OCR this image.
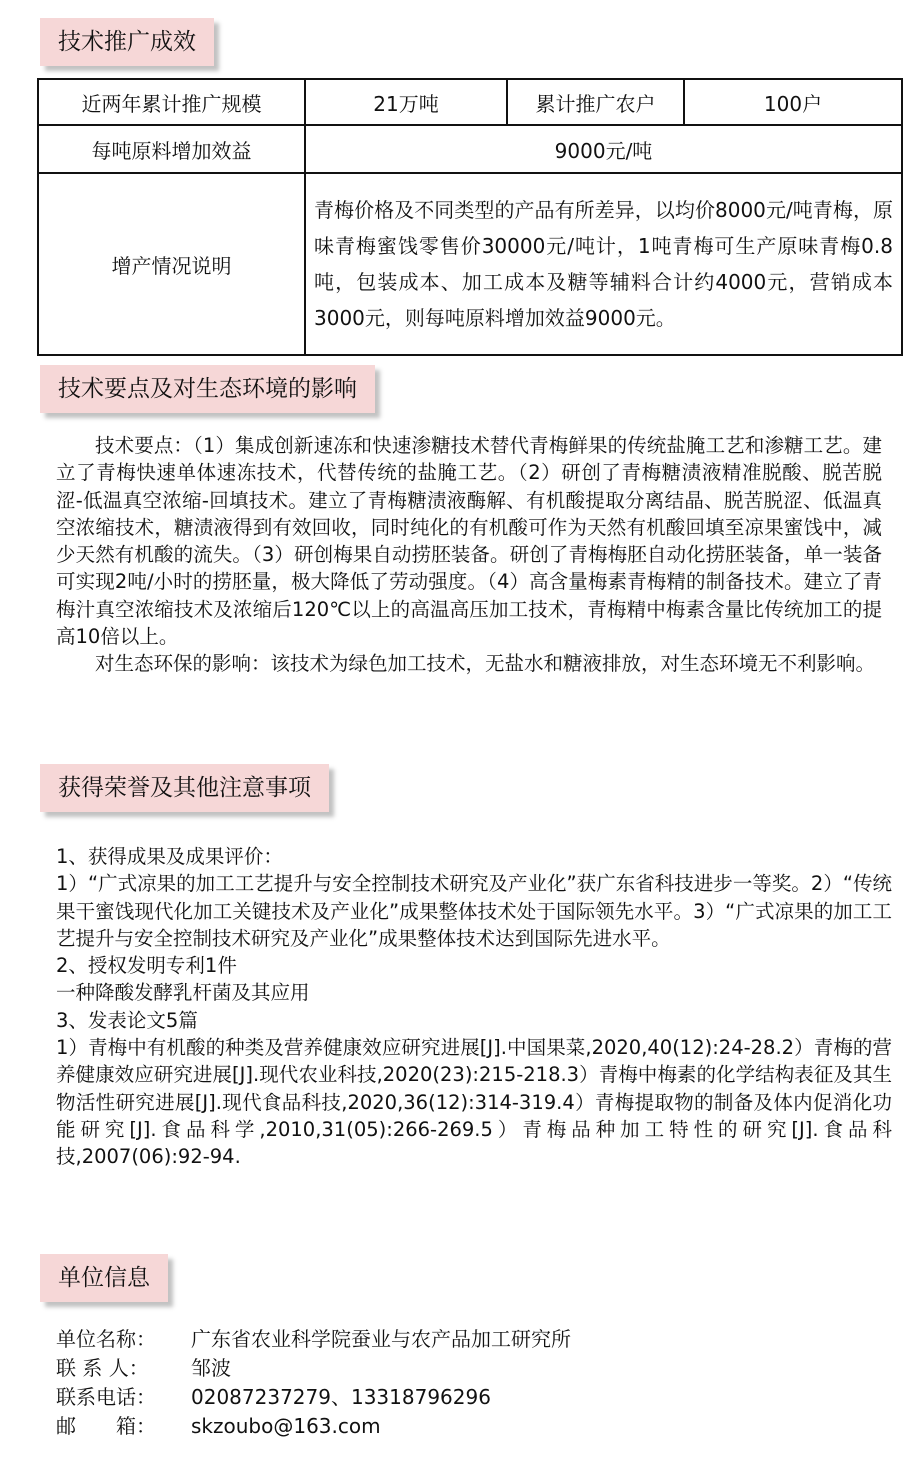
技术推广成效
近两年累计推广规模	21万吨	累计推广农户	100户
每吨原料增加效益	9000元/吨		
增产情况说明	青梅价格及不同类型的产品有所差异，以均价8000元/吨青梅，原味青梅蜜饯零售价30000元/吨计，1吨青梅可生产原味青梅0.8吨，包装成本、加工成本及糖等辅料合计约4000元，营销成本3000元，则每吨原料增加效益9000元。		
技术要点及对生态环境的影响

技术要点：（1）集成创新速冻和快速渗糖技术替代青梅鲜果的传统盐腌工艺和渗糖工艺。建立了青梅快速单体速冻技术，代替传统的盐腌工艺。（2）研创了青梅糖渍液精准脱酸、脱苦脱涩-低温真空浓缩-回填技术。建立了青梅糖渍液酶解、有机酸提取分离结晶、脱苦脱涩、低温真空浓缩技术，糖渍液得到有效回收，同时纯化的有机酸可作为天然有机酸回填至凉果蜜饯中，减少天然有机酸的流失。（3）研创梅果自动捞胚装备。研创了青梅梅胚自动化捞胚装备，单一装备可实现2吨/小时的捞胚量，极大降低了劳动强度。（4）高含量梅素青梅精的制备技术。建立了青梅汁真空浓缩技术及浓缩后120℃以上的高温高压加工技术，青梅精中梅素含量比传统加工的提高10倍以上。

对生态环保的影响：该技术为绿色加工技术，无盐水和糖液排放，对生态环境无不利影响。

获得荣誉及其他注意事项

1、获得成果及成果评价：

1）“广式凉果的加工工艺提升与安全控制技术研究及产业化”获广东省科技进步一等奖。2）“传统果干蜜饯现代化加工关键技术及产业化”成果整体技术处于国际领先水平。3）“广式凉果的加工工艺提升与安全控制技术研究及产业化”成果整体技术达到国际先进水平。

2、授权发明专利1件

一种降酸发酵乳杆菌及其应用

3、发表论文5篇

1）青梅中有机酸的种类及营养健康效应研究进展[J].中国果菜,2020,40(12):24-28.2）青梅的营养健康效应研究进展[J].现代农业科技,2020(23):215-218.3）青梅中梅素的化学结构表征及其生物活性研究进展[J].现代食品科技,2020,36(12):314-319.4）青梅提取物的制备及体内促消化功能研究[J].食品科学,2010,31(05):266-269.5）青梅品种加工特性的研究[J].食品科技,2007(06):92-94.

单位信息
单位名称：	广东省农业科学院蚕业与农产品加工研究所
联 系 人：	邹波
联系电话：	02087237279、13318796296
邮　　箱：	skzoubo@163.com
